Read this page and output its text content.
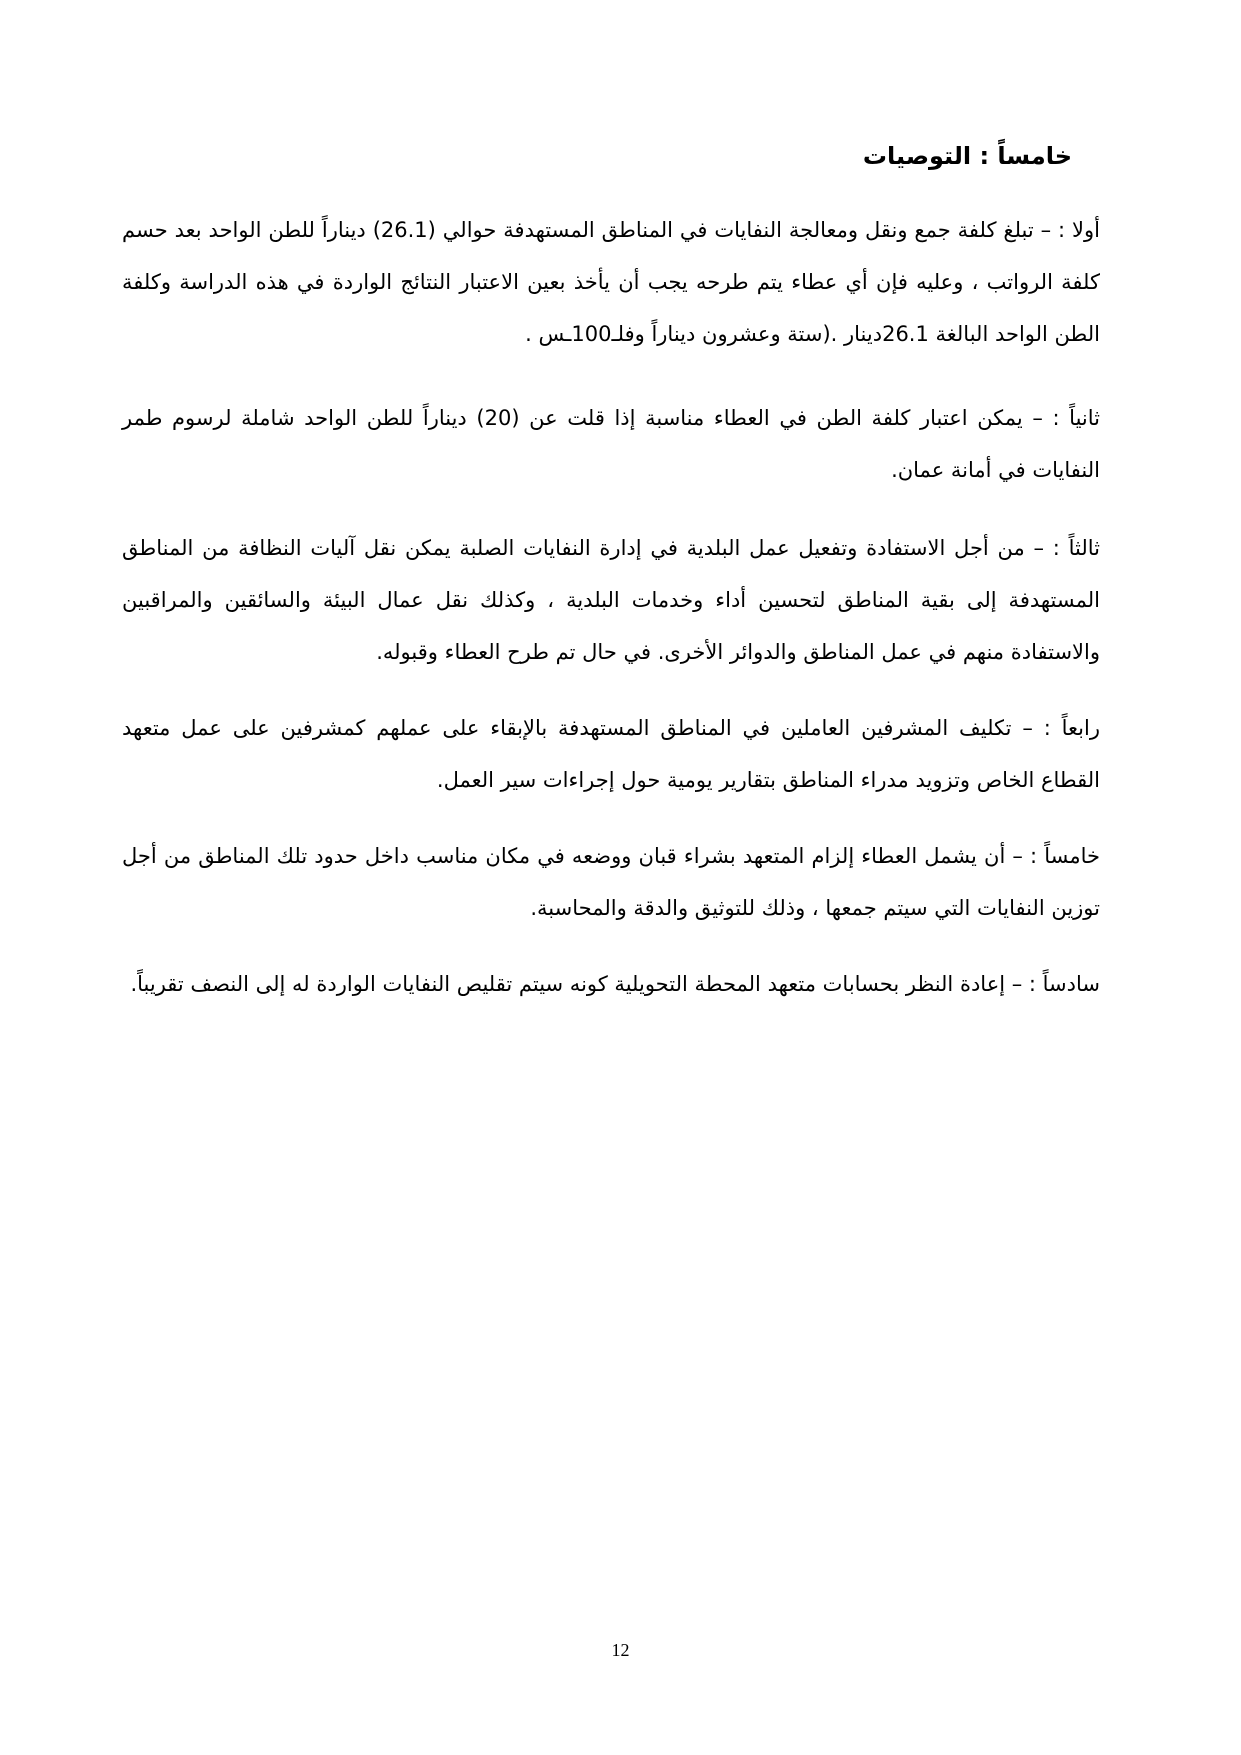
خامساً : التوصيات

أولا : – تبلغ كلفة جمع ونقل ومعالجة النفايات في المناطق المستهدفة حوالي (26.1) ديناراً للطن الواحد بعد حسم كلفة الرواتب ، وعليه فإن أي عطاء يتم طرحه يجب أن يأخذ بعين الاعتبار النتائج الواردة في هذه الدراسة وكلفة الطن الواحد البالغة 26.1دينار .(ستة وعشرون ديناراً وفلـ100ـس .

ثانياً : – يمكن اعتبار كلفة الطن في العطاء مناسبة إذا قلت عن (20) ديناراً للطن الواحد شاملة لرسوم طمر النفايات في أمانة عمان.

ثالثاً : – من أجل الاستفادة وتفعيل عمل البلدية في إدارة النفايات الصلبة يمكن نقل آليات النظافة من المناطق المستهدفة إلى بقية المناطق لتحسين أداء وخدمات البلدية ، وكذلك نقل عمال البيئة والسائقين والمراقبين والاستفادة منهم في عمل المناطق والدوائر الأخرى. في حال تم طرح العطاء وقبوله.

رابعاً : – تكليف المشرفين العاملين في المناطق المستهدفة بالإبقاء على عملهم كمشرفين على عمل متعهد القطاع الخاص وتزويد مدراء المناطق بتقارير يومية حول إجراءات سير العمل.

خامساً : – أن يشمل العطاء إلزام المتعهد بشراء قبان ووضعه في مكان مناسب داخل حدود تلك المناطق من أجل توزين النفايات التي سيتم جمعها ، وذلك للتوثيق والدقة والمحاسبة.

سادساً : – إعادة النظر بحسابات متعهد المحطة التحويلية كونه سيتم تقليص النفايات الواردة له إلى النصف تقريباً.

12
